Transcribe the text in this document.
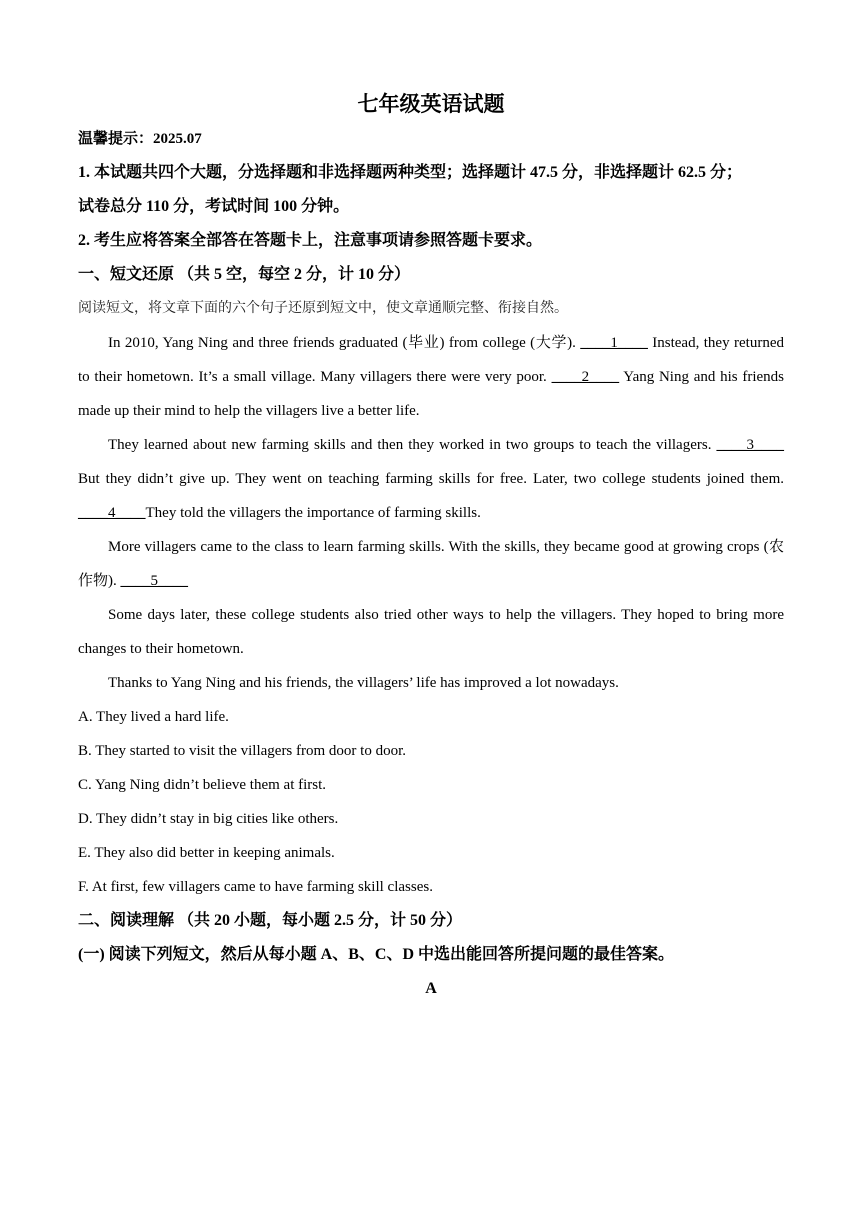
七年级英语试题

温馨提示：2025.07

1. 本试题共四个大题，分选择题和非选择题两种类型；选择题计 47.5 分，非选择题计 62.5 分；

试卷总分 110 分，考试时间 100 分钟。

2. 考生应将答案全部答在答题卡上，注意事项请参照答题卡要求。

一、短文还原 （共 5 空，每空 2 分，计 10 分）

阅读短文，将文章下面的六个句子还原到短文中，使文章通顺完整、衔接自然。

In 2010, Yang Ning and three friends graduated (毕业) from college (大学). ____1____ Instead, they returned to their hometown. It’s a small village. Many villagers there were very poor. ____2____ Yang Ning and his friends made up their mind to help the villagers live a better life.

They learned about new farming skills and then they worked in two groups to teach the villagers. ____3____ But they didn’t give up. They went on teaching farming skills for free. Later, two college students joined them. ____4____They told the villagers the importance of farming skills.

More villagers came to the class to learn farming skills. With the skills, they became good at growing crops (农作物). ____5____

Some days later, these college students also tried other ways to help the villagers. They hoped to bring more changes to their hometown.

Thanks to Yang Ning and his friends, the villagers’ life has improved a lot nowadays.

A. They lived a hard life.

B. They started to visit the villagers from door to door.

C. Yang Ning didn’t believe them at first.

D. They didn’t stay in big cities like others.

E. They also did better in keeping animals.

F. At first, few villagers came to have farming skill classes.

二、阅读理解 （共 20 小题，每小题 2.5 分，计 50 分）

(一) 阅读下列短文，然后从每小题 A、B、C、D 中选出能回答所提问题的最佳答案。

A
